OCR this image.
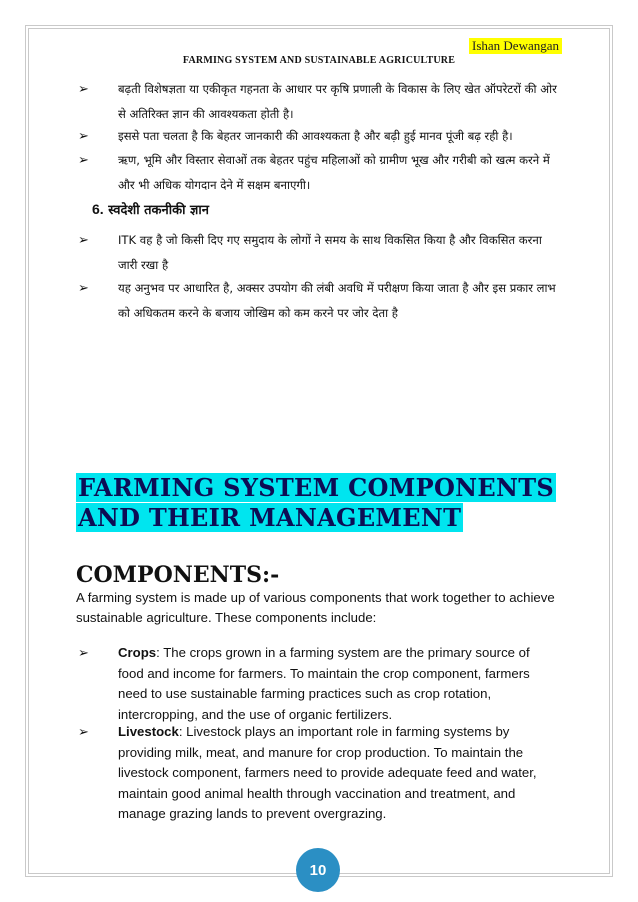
Ishan Dewangan
FARMING SYSTEM AND SUSTAINABLE AGRICULTURE
➢	बढ़ती विशेषज्ञता या एकीकृत गहनता के आधार पर कृषि प्रणाली के विकास के लिए खेत ऑपरेटरों की ओर से अतिरिक्त ज्ञान की आवश्यकता होती है।
➢	इससे पता चलता है कि बेहतर जानकारी की आवश्यकता है और बढ़ी हुई मानव पूंजी बढ़ रही है।
➢	ऋण, भूमि और विस्तार सेवाओं तक बेहतर पहुंच महिलाओं को ग्रामीण भूख और गरीबी को खत्म करने में और भी अधिक योगदान देने में सक्षम बनाएगी।
6. स्वदेशी तकनीकी ज्ञान
➢	ITK वह है जो किसी दिए गए समुदाय के लोगों ने समय के साथ विकसित किया है और विकसित करना जारी रखा है
➢	यह अनुभव पर आधारित है, अक्सर उपयोग की लंबी अवधि में परीक्षण किया जाता है और इस प्रकार लाभ को अधिकतम करने के बजाय जोखिम को कम करने पर जोर देता है
FARMING SYSTEM COMPONENTS
AND THEIR MANAGEMENT
COMPONENTS:-
A farming system is made up of various components that work together to achieve sustainable agriculture. These components include:
➢ Crops: The crops grown in a farming system are the primary source of food and income for farmers. To maintain the crop component, farmers need to use sustainable farming practices such as crop rotation, intercropping, and the use of organic fertilizers.
➢ Livestock: Livestock plays an important role in farming systems by providing milk, meat, and manure for crop production. To maintain the livestock component, farmers need to provide adequate feed and water, maintain good animal health through vaccination and treatment, and manage grazing lands to prevent overgrazing.
10
